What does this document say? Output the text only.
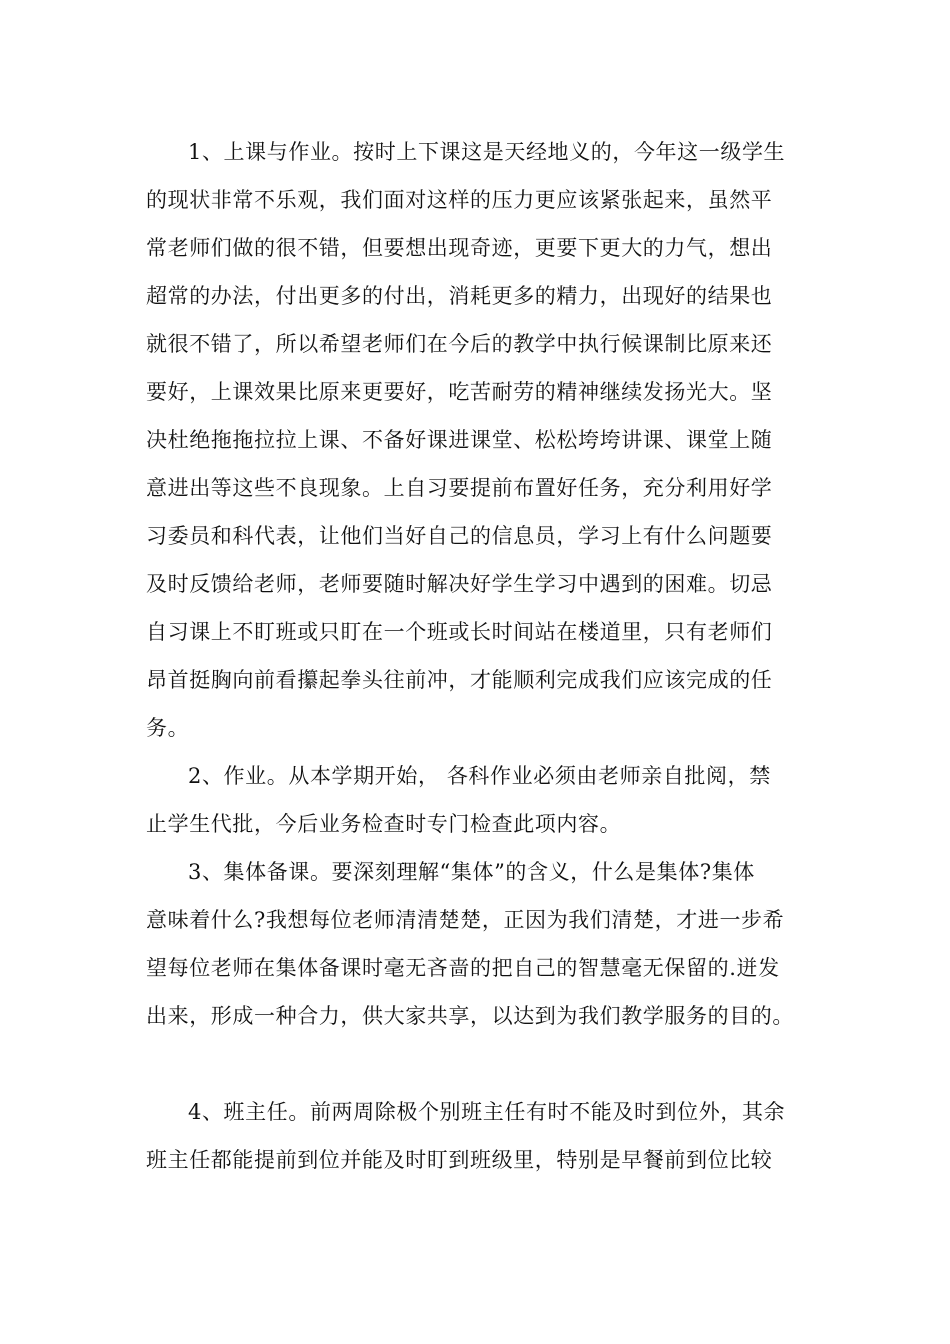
1、上课与作业。按时上下课这是天经地义的，今年这一级学生
的现状非常不乐观，我们面对这样的压力更应该紧张起来，虽然平
常老师们做的很不错，但要想出现奇迹，更要下更大的力气，想出
超常的办法，付出更多的付出，消耗更多的精力，出现好的结果也
就很不错了，所以希望老师们在今后的教学中执行候课制比原来还
要好，上课效果比原来更要好，吃苦耐劳的精神继续发扬光大。坚
决杜绝拖拖拉拉上课、不备好课进课堂、松松垮垮讲课、课堂上随
意进出等这些不良现象。上自习要提前布置好任务，充分利用好学
习委员和科代表，让他们当好自己的信息员，学习上有什么问题要
及时反馈给老师，老师要随时解决好学生学习中遇到的困难。切忌
自习课上不盯班或只盯在一个班或长时间站在楼道里，只有老师们
昂首挺胸向前看攥起拳头往前冲，才能顺利完成我们应该完成的任
务。
2、作业。从本学期开始， 各科作业必须由老师亲自批阅，禁
止学生代批，今后业务检查时专门检查此项内容。
3、集体备课。要深刻理解“集体”的含义，什么是集体?集体
意味着什么?我想每位老师清清楚楚，正因为我们清楚，才进一步希
望每位老师在集体备课时毫无吝啬的把自己的智慧毫无保留的.迸发
出来，形成一种合力，供大家共享，以达到为我们教学服务的目的。
4、班主任。前两周除极个别班主任有时不能及时到位外，其余
班主任都能提前到位并能及时盯到班级里，特别是早餐前到位比较
